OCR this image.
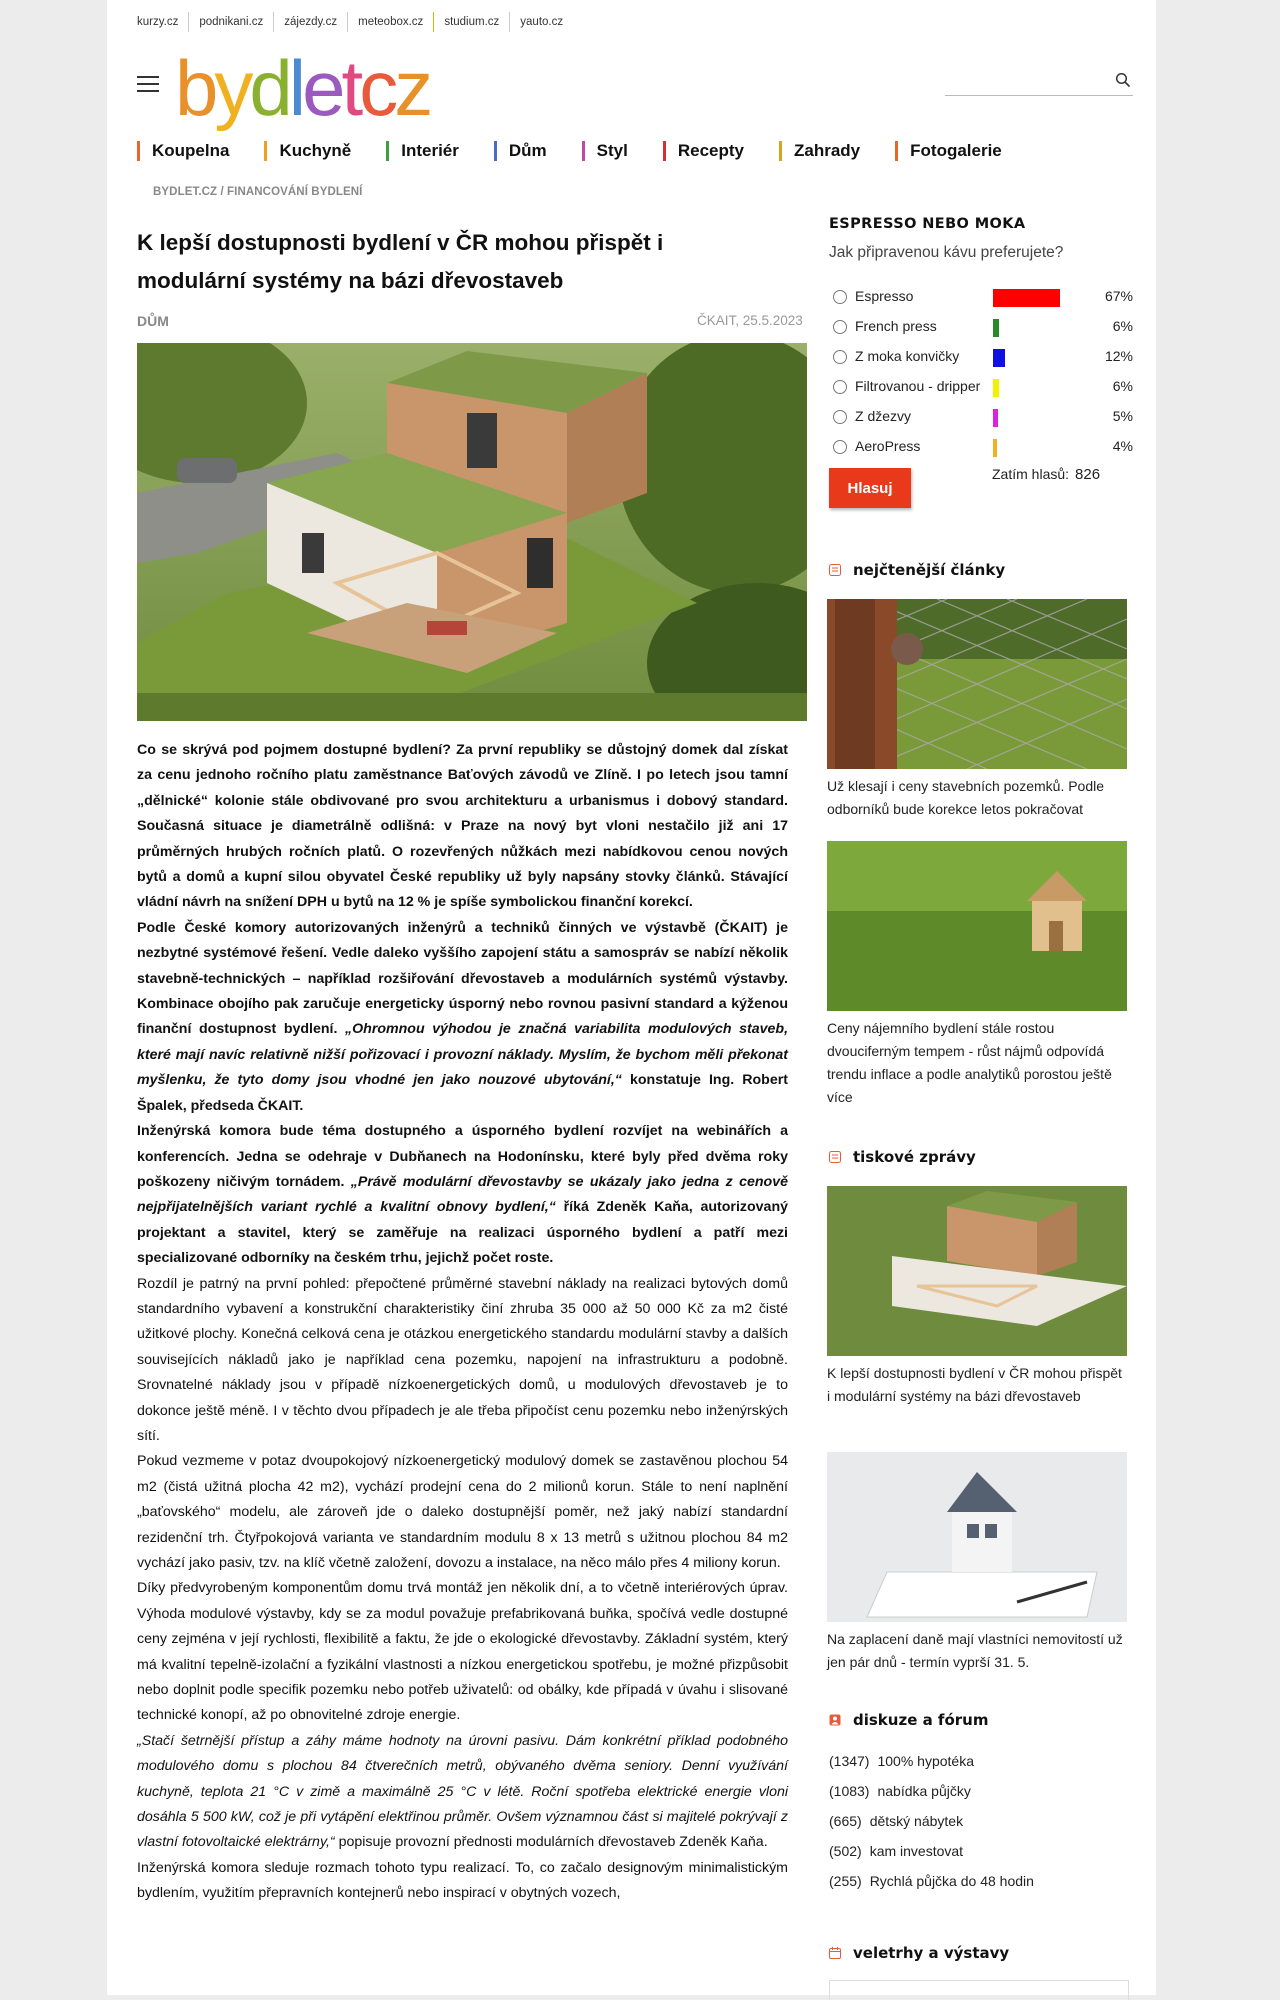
kurzy.cz	podnikani.cz	zájezdy.cz	meteobox.cz	studium.cz	yauto.cz
bydletcz
Koupelna	Kuchyně	Interiér	Dům	Styl	Recepty	Zahrady	Fotogalerie
BYDLET.CZ / FINANCOVÁNÍ BYDLENÍ
K lepší dostupnosti bydlení v ČR mohou přispět i modulární systémy na bázi dřevostaveb
DŮM	ČKAIT, 25.5.2023

Co se skrývá pod pojmem dostupné bydlení? Za první republiky se důstojný domek dal získat za cenu jednoho ročního platu zaměstnance Baťových závodů ve Zlíně. I po letech jsou tamní „dělnické“ kolonie stále obdivované pro svou architekturu a urbanismus i dobový standard. Současná situace je diametrálně odlišná: v Praze na nový byt vloni nestačilo již ani 17 průměrných hrubých ročních platů. O rozevřených nůžkách mezi nabídkovou cenou nových bytů a domů a kupní silou obyvatel České republiky už byly napsány stovky článků. Stávající vládní návrh na snížení DPH u bytů na 12 % je spíše symbolickou finanční korekcí.

Podle České komory autorizovaných inženýrů a techniků činných ve výstavbě (ČKAIT) je nezbytné systémové řešení. Vedle daleko vyššího zapojení státu a samospráv se nabízí několik stavebně-technických – například rozšiřování dřevostaveb a modulárních systémů výstavby. Kombinace obojího pak zaručuje energeticky úsporný nebo rovnou pasivní standard a kýženou finanční dostupnost bydlení. „Ohromnou výhodou je značná variabilita modulových staveb, které mají navíc relativně nižší pořizovací i provozní náklady. Myslím, že bychom měli překonat myšlenku, že tyto domy jsou vhodné jen jako nouzové ubytování,“ konstatuje Ing. Robert Špalek, předseda ČKAIT.

Inženýrská komora bude téma dostupného a úsporného bydlení rozvíjet na webinářích a konferencích. Jedna se odehraje v Dubňanech na Hodonínsku, které byly před dvěma roky poškozeny ničivým tornádem. „Právě modulární dřevostavby se ukázaly jako jedna z cenově nejpřijatelnějších variant rychlé a kvalitní obnovy bydlení,“ říká Zdeněk Kaňa, autorizovaný projektant a stavitel, který se zaměřuje na realizaci úsporného bydlení a patří mezi specializované odborníky na českém trhu, jejichž počet roste.

Rozdíl je patrný na první pohled: přepočtené průměrné stavební náklady na realizaci bytových domů standardního vybavení a konstrukční charakteristiky činí zhruba 35 000 až 50 000 Kč za m2 čisté užitkové plochy. Konečná celková cena je otázkou energetického standardu modulární stavby a dalších souvisejících nákladů jako je například cena pozemku, napojení na infrastrukturu a podobně. Srovnatelné náklady jsou v případě nízkoenergetických domů, u modulových dřevostaveb je to dokonce ještě méně. I v těchto dvou případech je ale třeba připočíst cenu pozemku nebo inženýrských sítí.

Pokud vezmeme v potaz dvoupokojový nízkoenergetický modulový domek se zastavěnou plochou 54 m2 (čistá užitná plocha 42 m2), vychází prodejní cena do 2 milionů korun. Stále to není naplnění „baťovského“ modelu, ale zároveň jde o daleko dostupnější poměr, než jaký nabízí standardní rezidenční trh. Čtyřpokojová varianta ve standardním modulu 8 x 13 metrů s užitnou plochou 84 m2 vychází jako pasiv, tzv. na klíč včetně založení, dovozu a instalace, na něco málo přes 4 miliony korun.

Díky předvyrobeným komponentům domu trvá montáž jen několik dní, a to včetně interiérových úprav. Výhoda modulové výstavby, kdy se za modul považuje prefabrikovaná buňka, spočívá vedle dostupné ceny zejména v její rychlosti, flexibilitě a faktu, že jde o ekologické dřevostavby. Základní systém, který má kvalitní tepelně-izolační a fyzikální vlastnosti a nízkou energetickou spotřebu, je možné přizpůsobit nebo doplnit podle specifik pozemku nebo potřeb uživatelů: od obálky, kde případá v úvahu i slisované technické konopí, až po obnovitelné zdroje energie.

„Stačí šetrnější přístup a záhy máme hodnoty na úrovni pasivu. Dám konkrétní příklad podobného modulového domu s plochou 84 čtverečních metrů, obývaného dvěma seniory. Denní využívání kuchyně, teplota 21 °C v zimě a maximálně 25 °C v létě. Roční spotřeba elektrické energie vloni dosáhla 5 500 kW, což je při vytápění elektřinou průměr. Ovšem významnou část si majitelé pokrývají z vlastní fotovoltaické elektrárny,“ popisuje provozní přednosti modulárních dřevostaveb Zdeněk Kaňa.

Inženýrská komora sleduje rozmach tohoto typu realizací. To, co začalo designovým minimalistickým bydlením, využitím přepravních kontejnerů nebo inspirací v obytných vozech,

ESPRESSO NEBO MOKA
Jak připravenou kávu preferujete?
Espresso	67%
French press	6%
Z moka konvičky	12%
Filtrovanou - dripper	6%
Z džezvy	5%
AeroPress	4%
Hlasuj
Zatím hlasů: 826
nejčtenější články
Už klesají i ceny stavebních pozemků. Podle odborníků bude korekce letos pokračovat
Ceny nájemního bydlení stále rostou dvouciferným tempem - růst nájmů odpovídá trendu inflace a podle analytiků porostou ještě více
tiskové zprávy
K lepší dostupnosti bydlení v ČR mohou přispět i modulární systémy na bázi dřevostaveb
Na zaplacení daně mají vlastníci nemovitostí už jen pár dnů - termín vyprší 31. 5.
diskuze a fórum
(1347) 100% hypotéka
(1083) nabídka půjčky
(665) dětský nábytek
(502) kam investovat
(255) Rychlá půjčka do 48 hodin
veletrhy a výstavy
